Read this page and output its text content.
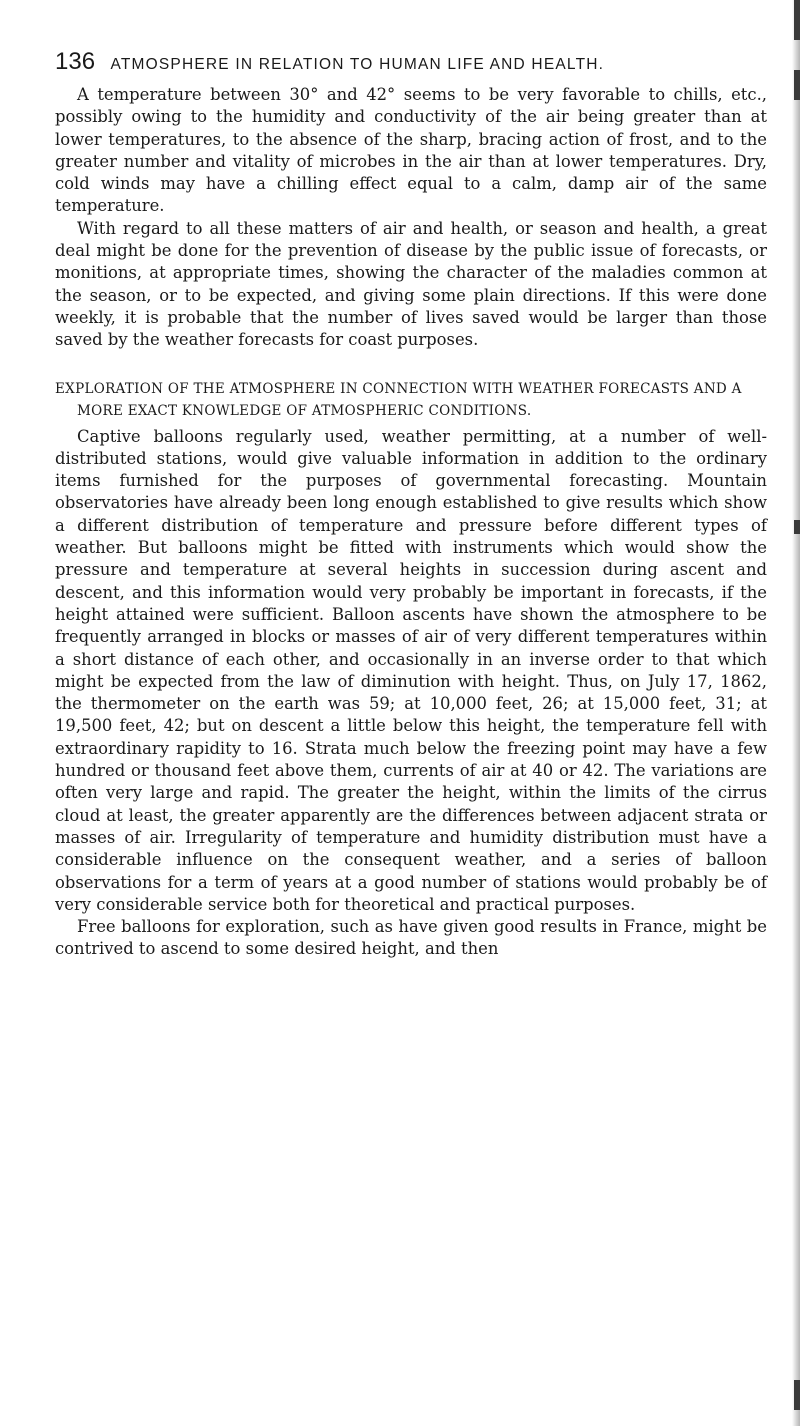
136 ATMOSPHERE IN RELATION TO HUMAN LIFE AND HEALTH.

A temperature between 30° and 42° seems to be very favorable to chills, etc., possibly owing to the humidity and conductivity of the air being greater than at lower temperatures, to the absence of the sharp, bracing action of frost, and to the greater number and vitality of microbes in the air than at lower temperatures. Dry, cold winds may have a chilling effect equal to a calm, damp air of the same temperature.

With regard to all these matters of air and health, or season and health, a great deal might be done for the prevention of disease by the public issue of forecasts, or monitions, at appropriate times, showing the character of the maladies common at the season, or to be expected, and giving some plain directions. If this were done weekly, it is probable that the number of lives saved would be larger than those saved by the weather forecasts for coast purposes.

EXPLORATION OF THE ATMOSPHERE IN CONNECTION WITH WEATHER FORECASTS AND A MORE EXACT KNOWLEDGE OF ATMOSPHERIC CONDITIONS.

Captive balloons regularly used, weather permitting, at a number of well-distributed stations, would give valuable information in addition to the ordinary items furnished for the purposes of governmental forecasting. Mountain observatories have already been long enough established to give results which show a different distribution of temperature and pressure before different types of weather. But balloons might be fitted with instruments which would show the pressure and temperature at several heights in succession during ascent and descent, and this information would very probably be important in forecasts, if the height attained were sufficient. Balloon ascents have shown the atmosphere to be frequently arranged in blocks or masses of air of very different temperatures within a short distance of each other, and occasionally in an inverse order to that which might be expected from the law of diminution with height. Thus, on July 17, 1862, the thermometer on the earth was 59; at 10,000 feet, 26; at 15,000 feet, 31; at 19,500 feet, 42; but on descent a little below this height, the temperature fell with extraordinary rapidity to 16. Strata much below the freezing point may have a few hundred or thousand feet above them, currents of air at 40 or 42. The variations are often very large and rapid. The greater the height, within the limits of the cirrus cloud at least, the greater apparently are the differences between adjacent strata or masses of air. Irregularity of temperature and humidity distribution must have a considerable influence on the consequent weather, and a series of balloon observations for a term of years at a good number of stations would probably be of very considerable service both for theoretical and practical purposes.

Free balloons for exploration, such as have given good results in France, might be contrived to ascend to some desired height, and then
